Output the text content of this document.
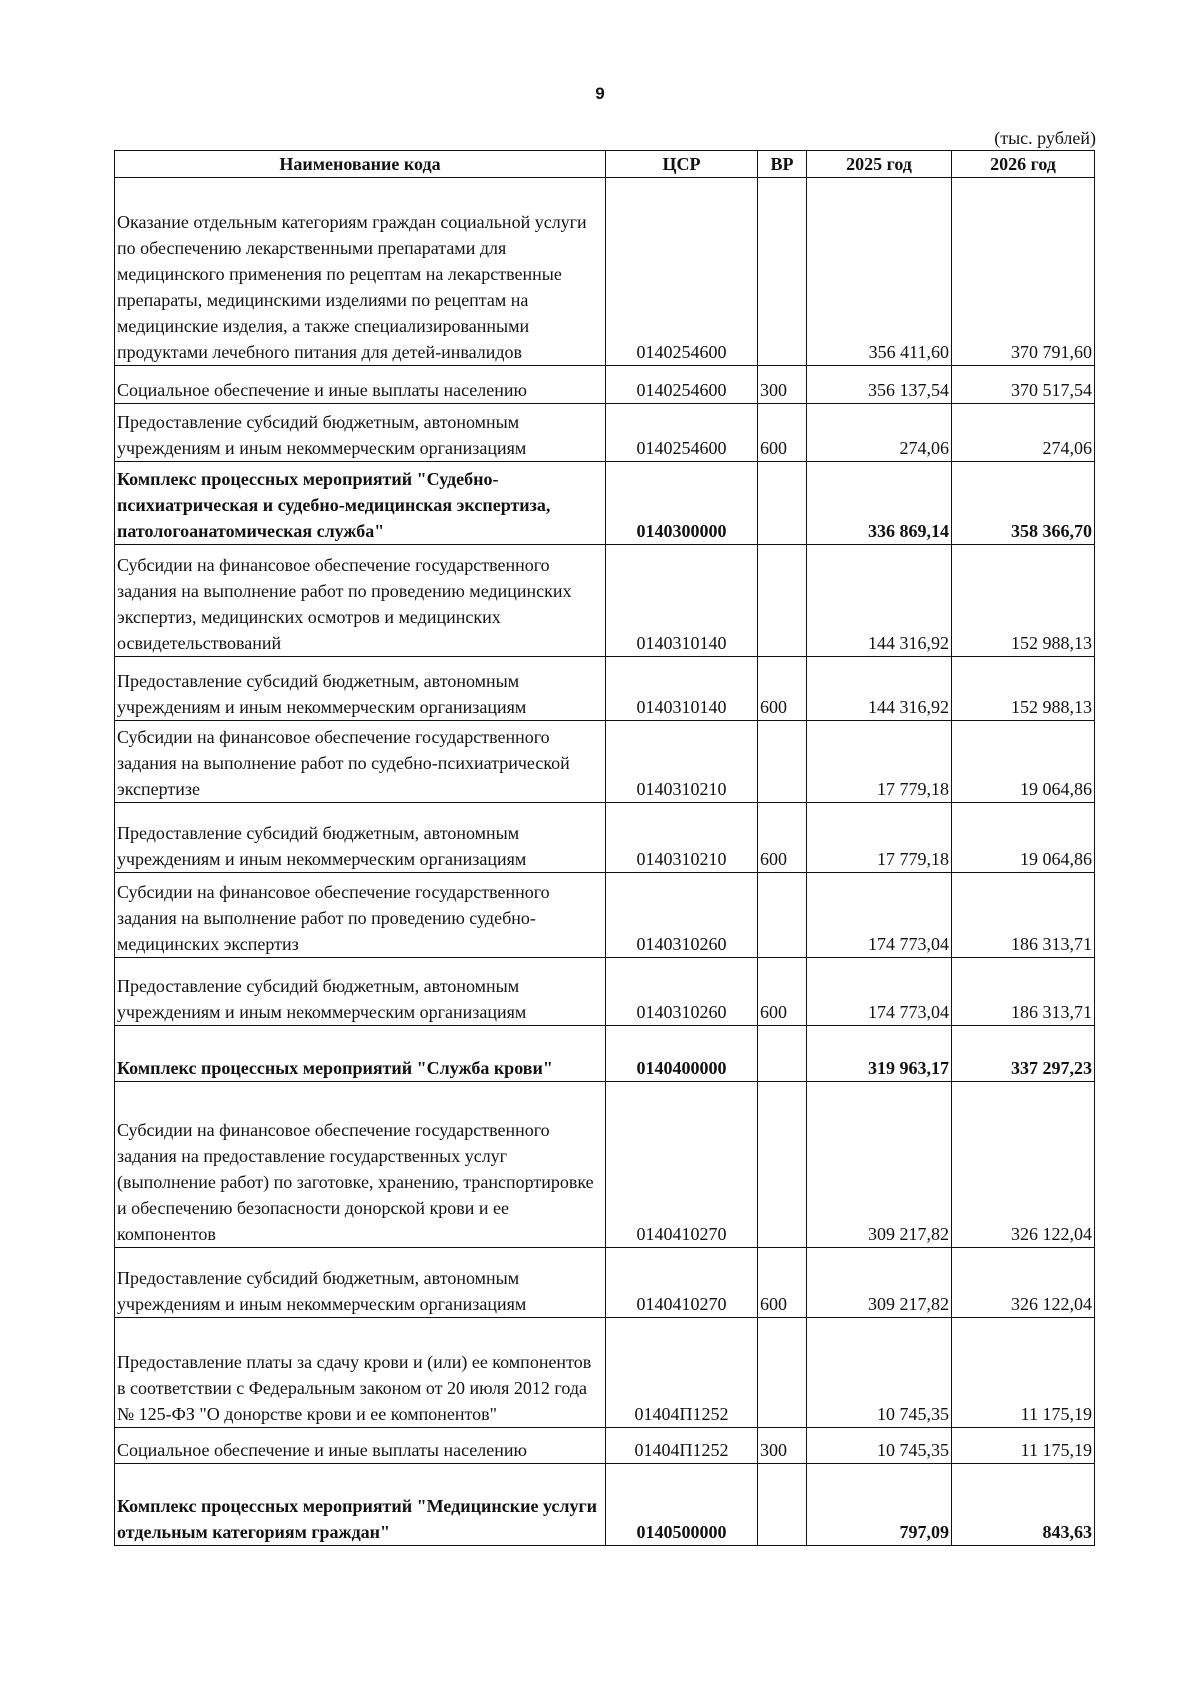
9
(тыс. рублей)
Наименование кода	ЦСР	ВР	2025 год	2026 год
Оказание отдельным категориям граждан социальной услуги по обеспечению лекарственными препаратами для медицинского применения по рецептам на лекарственные препараты, медицинскими изделиями по рецептам на медицинские изделия, а также специализированными продуктами лечебного питания для детей-инвалидов	0140254600		356 411,60	370 791,60
Социальное обеспечение и иные выплаты населению	0140254600	300	356 137,54	370 517,54
Предоставление субсидий бюджетным, автономным учреждениям и иным некоммерческим организациям	0140254600	600	274,06	274,06
Комплекс процессных мероприятий "Судебно-психиатрическая и судебно-медицинская экспертиза, патологоанатомическая служба"	0140300000		336 869,14	358 366,70
Субсидии на финансовое обеспечение государственного задания на выполнение работ по проведению медицинских экспертиз, медицинских осмотров и медицинских освидетельствований	0140310140		144 316,92	152 988,13
Предоставление субсидий бюджетным, автономным учреждениям и иным некоммерческим организациям	0140310140	600	144 316,92	152 988,13
Субсидии на финансовое обеспечение государственного задания на выполнение работ по судебно-психиатрической экспертизе	0140310210		17 779,18	19 064,86
Предоставление субсидий бюджетным, автономным учреждениям и иным некоммерческим организациям	0140310210	600	17 779,18	19 064,86
Субсидии на финансовое обеспечение государственного задания на выполнение работ по проведению судебно-медицинских экспертиз	0140310260		174 773,04	186 313,71
Предоставление субсидий бюджетным, автономным учреждениям и иным некоммерческим организациям	0140310260	600	174 773,04	186 313,71
Комплекс процессных мероприятий "Служба крови"	0140400000		319 963,17	337 297,23
Субсидии на финансовое обеспечение государственного задания на предоставление государственных услуг (выполнение работ) по заготовке, хранению, транспортировке и обеспечению безопасности донорской крови и ее компонентов	0140410270		309 217,82	326 122,04
Предоставление субсидий бюджетным, автономным учреждениям и иным некоммерческим организациям	0140410270	600	309 217,82	326 122,04
Предоставление платы за сдачу крови и (или) ее компонентов в соответствии с Федеральным законом от 20 июля 2012 года № 125-ФЗ "О донорстве крови и ее компонентов"	01404П1252		10 745,35	11 175,19
Социальное обеспечение и иные выплаты населению	01404П1252	300	10 745,35	11 175,19
Комплекс процессных мероприятий "Медицинские услуги отдельным категориям граждан"	0140500000		797,09	843,63
